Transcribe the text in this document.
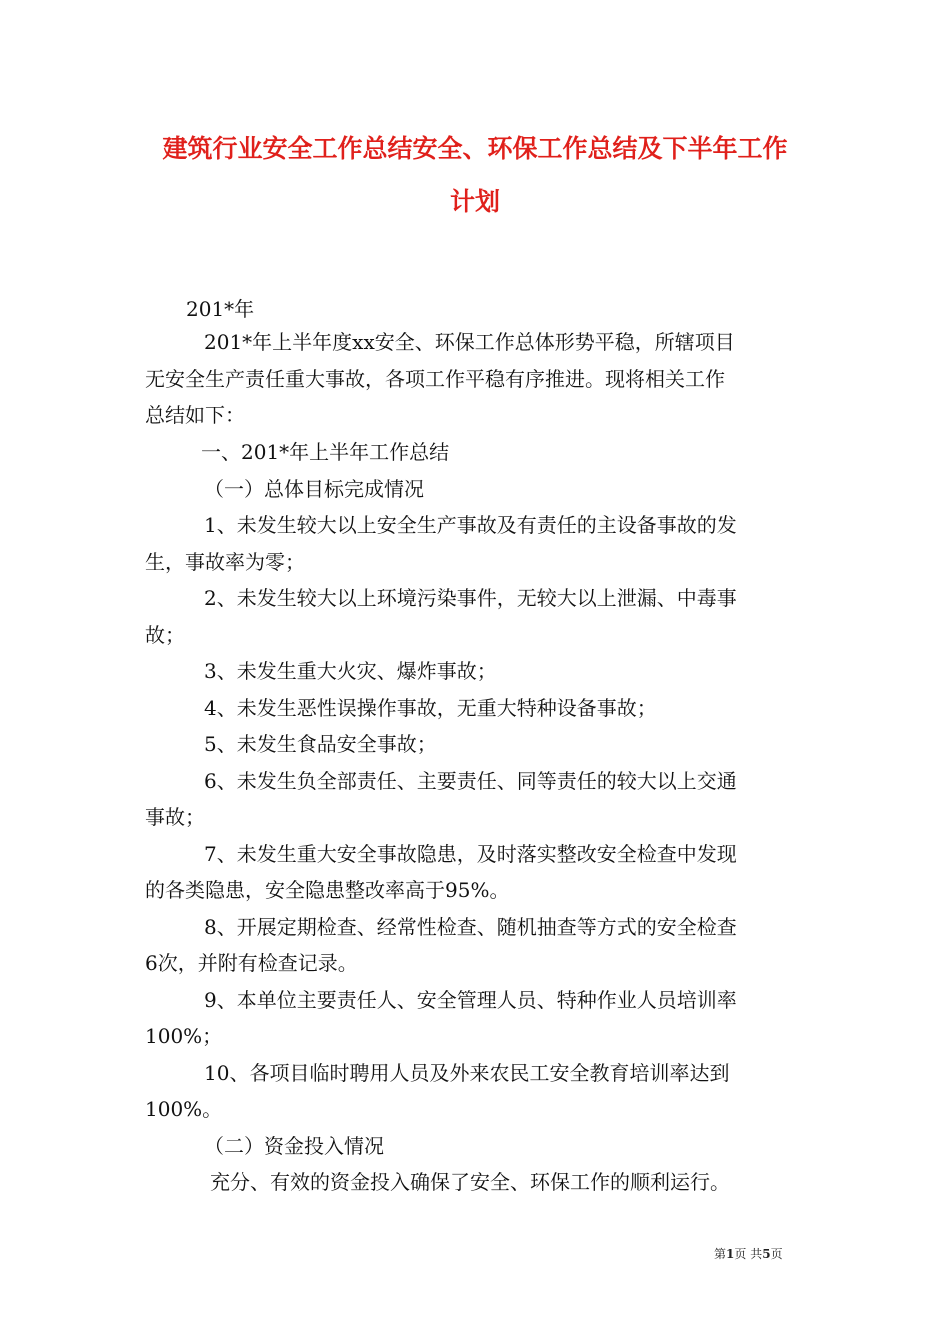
建筑行业安全工作总结安全、环保工作总结及下半年工作
计划
201*年
201*年上半年度xx安全、环保工作总体形势平稳，所辖项目
无安全生产责任重大事故，各项工作平稳有序推进。现将相关工作
总结如下：
一、201*年上半年工作总结
（一）总体目标完成情况
1、未发生较大以上安全生产事故及有责任的主设备事故的发
生，事故率为零；
2、未发生较大以上环境污染事件，无较大以上泄漏、中毒事
故；
3、未发生重大火灾、爆炸事故；
4、未发生恶性误操作事故，无重大特种设备事故；
5、未发生食品安全事故；
6、未发生负全部责任、主要责任、同等责任的较大以上交通
事故；
7、未发生重大安全事故隐患，及时落实整改安全检查中发现
的各类隐患，安全隐患整改率高于95%。
8、开展定期检查、经常性检查、随机抽查等方式的安全检查
6次，并附有检查记录。
9、本单位主要责任人、安全管理人员、特种作业人员培训率
100%；
10、各项目临时聘用人员及外来农民工安全教育培训率达到
100%。
（二）资金投入情况
充分、有效的资金投入确保了安全、环保工作的顺利运行。
第1页 共5页
